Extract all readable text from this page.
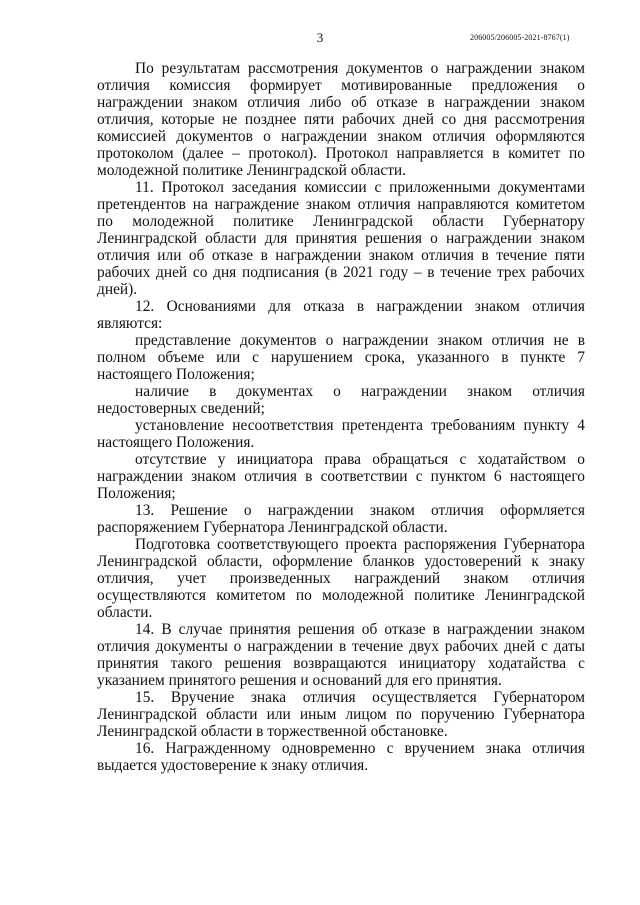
3	206005/206005-2021-8767(1)

По результатам рассмотрения документов о награждении знаком отличия комиссия формирует мотивированные предложения о награждении знаком отличия либо об отказе в награждении знаком отличия, которые не позднее пяти рабочих дней со дня рассмотрения комиссией документов о награждении знаком отличия оформляются протоколом (далее – протокол). Протокол направляется в комитет по молодежной политике Ленинградской области.

11. Протокол заседания комиссии с приложенными документами претендентов на награждение знаком отличия направляются комитетом по молодежной политике Ленинградской области Губернатору Ленинградской области для принятия решения о награждении знаком отличия или об отказе в награждении знаком отличия в течение пяти рабочих дней со дня подписания (в 2021 году – в течение трех рабочих дней).

12. Основаниями для отказа в награждении знаком отличия являются:

представление документов о награждении знаком отличия не в полном объеме или с нарушением срока, указанного в пункте 7 настоящего Положения;

наличие в документах о награждении знаком отличия недостоверных сведений;

установление несоответствия претендента требованиям пункту 4 настоящего Положения.

отсутствие у инициатора права обращаться с ходатайством о награждении знаком отличия в соответствии с пунктом 6 настоящего Положения;

13. Решение о награждении знаком отличия оформляется распоряжением Губернатора Ленинградской области.

Подготовка соответствующего проекта распоряжения Губернатора Ленинградской области, оформление бланков удостоверений к знаку отличия, учет произведенных награждений знаком отличия осуществляются комитетом по молодежной политике Ленинградской области.

14. В случае принятия решения об отказе в награждении знаком отличия документы о награждении в течение двух рабочих дней с даты принятия такого решения возвращаются инициатору ходатайства с указанием принятого решения и оснований для его принятия.

15. Вручение знака отличия осуществляется Губернатором Ленинградской области или иным лицом по поручению Губернатора Ленинградской области в торжественной обстановке.

16. Награжденному одновременно с вручением знака отличия выдается удостоверение к знаку отличия.
